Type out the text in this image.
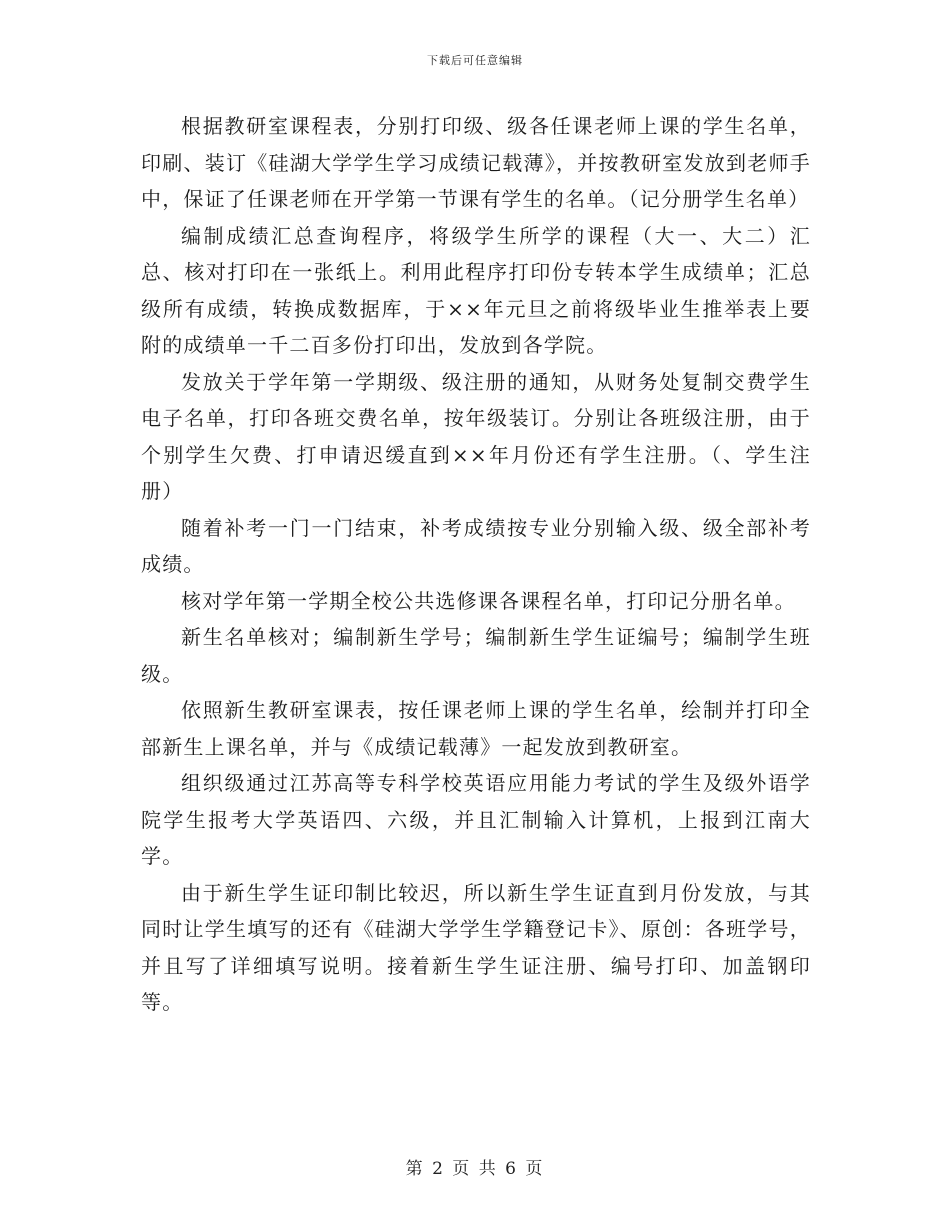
下载后可任意编辑

根据教研室课程表，分别打印级、级各任课老师上课的学生名单，印刷、装订《硅湖大学学生学习成绩记载薄》，并按教研室发放到老师手中，保证了任课老师在开学第一节课有学生的名单。（记分册学生名单）

编制成绩汇总查询程序，将级学生所学的课程（大一、大二）汇总、核对打印在一张纸上。利用此程序打印份专转本学生成绩单；汇总级所有成绩，转换成数据库，于××年元旦之前将级毕业生推举表上要附的成绩单一千二百多份打印出，发放到各学院。

发放关于学年第一学期级、级注册的通知，从财务处复制交费学生电子名单，打印各班交费名单，按年级装订。分别让各班级注册，由于个别学生欠费、打申请迟缓直到××年月份还有学生注册。（、学生注册）

随着补考一门一门结束，补考成绩按专业分别输入级、级全部补考成绩。

核对学年第一学期全校公共选修课各课程名单，打印记分册名单。

新生名单核对；编制新生学号；编制新生学生证编号；编制学生班级。

依照新生教研室课表，按任课老师上课的学生名单，绘制并打印全部新生上课名单，并与《成绩记载薄》一起发放到教研室。

组织级通过江苏高等专科学校英语应用能力考试的学生及级外语学院学生报考大学英语四、六级，并且汇制输入计算机，上报到江南大学。

由于新生学生证印制比较迟，所以新生学生证直到月份发放，与其同时让学生填写的还有《硅湖大学学生学籍登记卡》、原创：各班学号，并且写了详细填写说明。接着新生学生证注册、编号打印、加盖钢印等。

第 2 页 共 6 页
